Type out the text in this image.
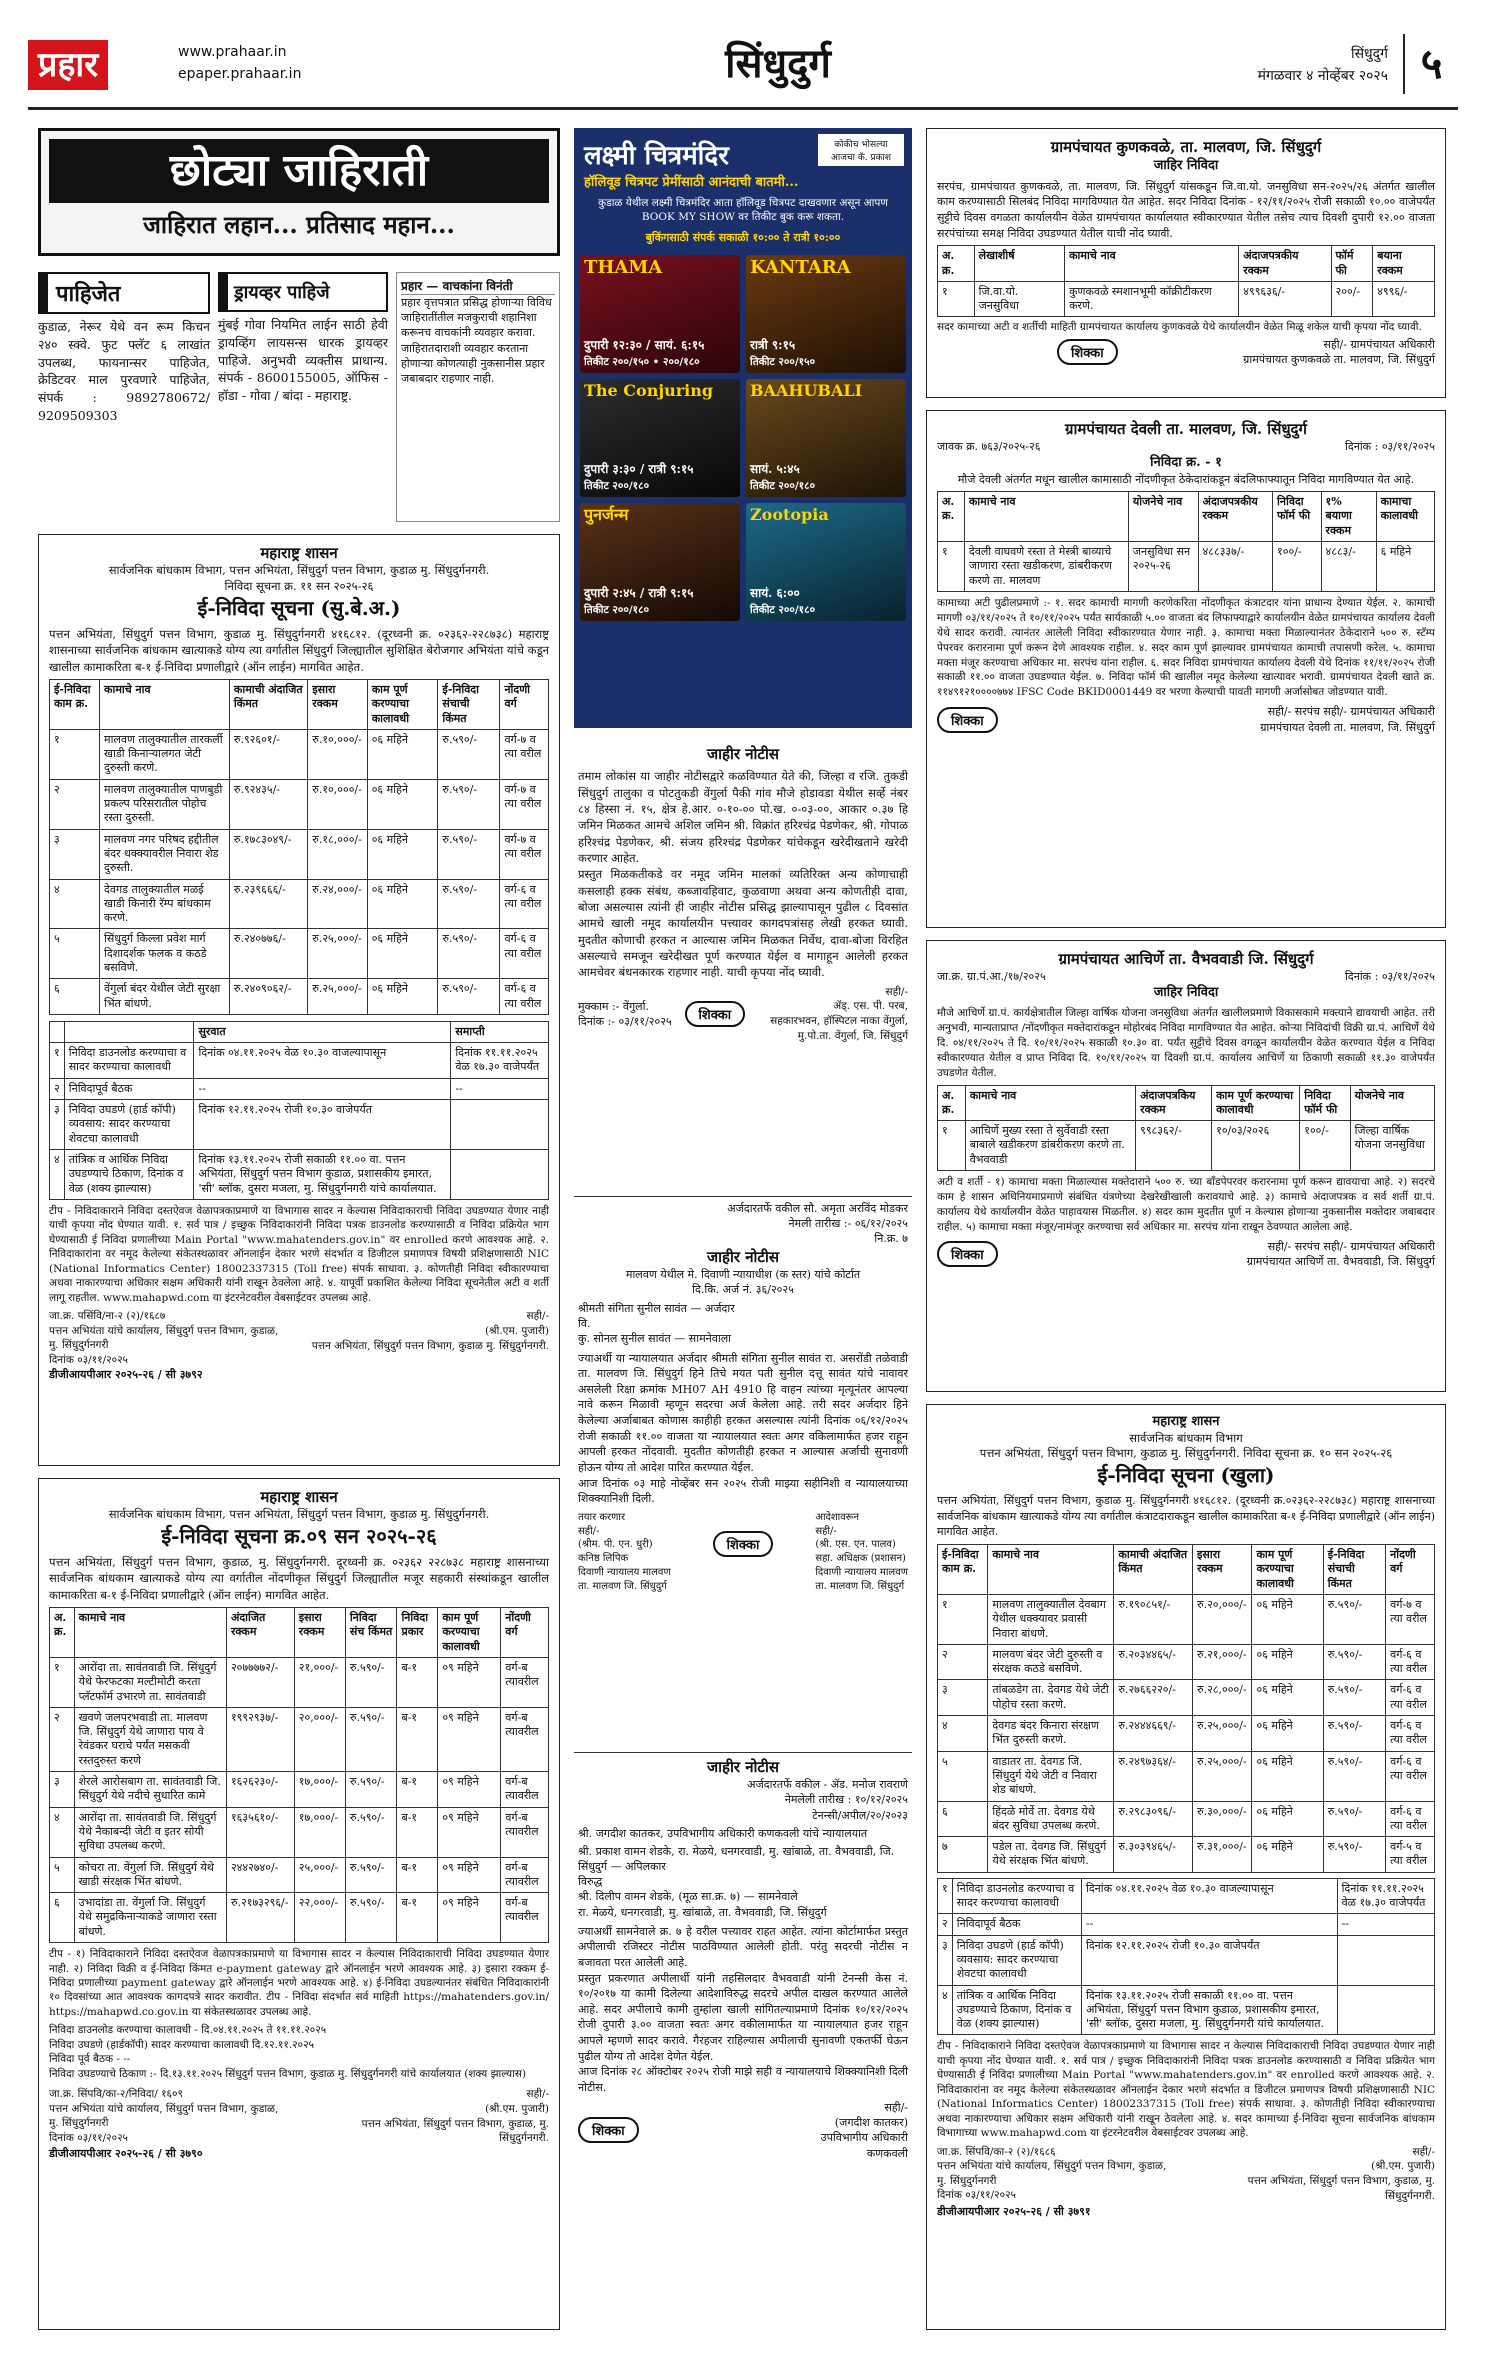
प्रहार	www.prahaar.in
epaper.prahaar.in	सिंधुदुर्ग	सिंधुदुर्ग
मंगळवार ४ नोव्हेंबर २०२५ ५
छोट्या जाहिराती
जाहिरात लहान... प्रतिसाद महान...
पाहिजेत
कुडाळ, नेरूर येथे वन रूम किचन २४० स्क्वे. फुट फ्लॅट ६ लाखांत उपलब्ध, फायनान्सर पाहिजेत, क्रेडिटवर माल पुरवणारे पाहिजेत, संपर्क : 9892780672/ 9209509303
ड्रायव्हर पाहिजे
मुंबई गोवा नियमित लाईन साठी हेवी ड्रायव्हिंग लायसन्स धारक ड्रायव्हर पाहिजे. अनुभवी व्यक्तीस प्राधान्य. संपर्क - 8600155005, ऑफिस - हॉडा - गोवा / बांदा - महाराष्ट्र.
प्रहार — वाचकांना विनंती
प्रहार वृत्तपत्रात प्रसिद्ध होणाऱ्या विविध जाहिरातींतील मजकुराची शहानिशा करूनच वाचकांनी व्यवहार करावा. जाहिरातदाराशी व्यवहार करताना होणाऱ्या कोणत्याही नुकसानीस प्रहार जबाबदार राहणार नाही.
लक्ष्मी चित्रमंदिर
हॉलिवूड चित्रपट प्रेमींसाठी आनंदाची बातमी...
कोकीच भोसल्या आजचा कॅ. प्रकाश
कुडाळ येथील लक्ष्मी चित्रमंदिर आता हॉलिवूड चित्रपट दाखवणार असून आपण BOOK MY SHOW वर तिकीट बुक करू शकता.
बुकिंगसाठी संपर्क सकाळी १०:०० ते रात्री १०:००
THAMA
दुपारी १२:३० / सायं. ६:१५
तिकीट २००/१५० • २००/१८०
KANTARA
रात्री ९:१५
तिकीट २००/१५०
The Conjuring
दुपारी ३:३० / रात्री ९:१५
तिकीट २००/१८०
BAAHUBALI
सायं. ५:४५
तिकीट २००/१८०
पुनर्जन्म
दुपारी २:४५ / रात्री ९:१५
तिकीट २००/१८०
Zootopia
सायं. ६:००
तिकीट २००/१८०
महाराष्ट्र शासन
सार्वजनिक बांधकाम विभाग, पत्तन अभियंता, सिंधुदुर्ग पत्तन विभाग, कुडाळ मु. सिंधुदुर्गनगरी.
निविदा सूचना क्र. ११ सन २०२५-२६
ई-निविदा सूचना (सु.बे.अ.)
पत्तन अभियंता, सिंधुदुर्ग पत्तन विभाग, कुडाळ मु. सिंधुदुर्गनगरी ४१६८१२. (दूरध्वनी क्र. ०२३६२-२२८७३८) महाराष्ट्र शासनाच्या सार्वजनिक बांधकाम खात्याकडे योग्य त्या वर्गातील सिंधुदुर्ग जिल्ह्यातील सुशिक्षित बेरोजगार अभियंता यांचे कडून खालील कामाकरिता ब-१ ई-निविदा प्रणालीद्वारे (ऑन लाईन) मागवित आहेत.
ई-निविदा काम क्र.	कामाचे नाव	कामाची अंदाजित किंमत	इसारा रक्कम	काम पूर्ण करण्याचा कालावधी	ई-निविदा संचाची किंमत	नोंदणी वर्ग
१	मालवण तालुक्यातील तारकर्ली खाडी किनाऱ्यालगत जेटी दुरुस्ती करणे.	रु.९२६०१/-	रु.१०,०००/-	०६ महिने	रु.५९०/-	वर्ग-७ व त्या वरील
२	मालवण तालुक्यातील पाणबुडी प्रकल्प परिसरातील पोहोच रस्ता दुरुस्ती.	रु.९२४३५/-	रु.१०,०००/-	०६ महिने	रु.५९०/-	वर्ग-७ व त्या वरील
३	मालवण नगर परिषद हद्दीतील बंदर धक्क्यावरील निवारा शेड दुरुस्ती.	रु.१७८३०४९/-	रु.१८,०००/-	०६ महिने	रु.५९०/-	वर्ग-७ व त्या वरील
४	देवगड तालुक्यातील मळई खाडी किनारी रॅम्प बांधकाम करणे.	रु.२३९६६६/-	रु.२४,०००/-	०६ महिने	रु.५९०/-	वर्ग-६ व त्या वरील
५	सिंधुदुर्ग किल्ला प्रवेश मार्ग दिशादर्शक फलक व कठडे बसविणे.	रु.२४०७७६/-	रु.२५,०००/-	०६ महिने	रु.५९०/-	वर्ग-६ व त्या वरील
६	वेंगुर्ला बंदर येथील जेटी सुरक्षा भिंत बांधणे.	रु.२४०९०६२/-	रु.२५,०००/-	०६ महिने	रु.५९०/-	वर्ग-६ व त्या वरील
		सुरवात	समाप्ती
१	निविदा डाउनलोड करण्याचा व सादर करण्याचा कालावधी	दिनांक ०४.११.२०२५ वेळ १०.३० वाजल्यापासून	दिनांक ११.११.२०२५ वेळ १७.३० वाजेपर्यंत
२	निविदापूर्व बैठक	--	--
३	निविदा उघडणे (हार्ड कॉपी) व्यवसाय: सादर करण्याचा शेवटचा कालावधी	दिनांक १२.११.२०२५ रोजी १०.३० वाजेपर्यंत	
४	तांत्रिक व आर्थिक निविदा उघडण्याचे ठिकाण, दिनांक व वेळ (शक्य झाल्यास)	दिनांक १३.११.२०२५ रोजी सकाळी ११.०० वा. पत्तन अभियंता, सिंधुदुर्ग पत्तन विभाग कुडाळ, प्रशासकीय इमारत, 'सी' ब्लॉक, दुसरा मजला, मु. सिंधुदुर्गनगरी यांचे कार्यालयात.	
टीप - निविदाकाराने निविदा दस्तऐवज वेळापत्रकाप्रमाणे या विभागास सादर न केल्यास निविदाकाराची निविदा उघडण्यात येणार नाही याची कृपया नोंद घेण्यात यावी. १. सर्व पात्र / इच्छुक निविदाकारांनी निविदा पत्रक डाउनलोड करण्यासाठी व निविदा प्रक्रियेत भाग घेण्यासाठी ई निविदा प्रणालीच्या Main Portal "www.mahatenders.gov.in" वर enrolled करणे आवश्यक आहे. २. निविदाकारांना वर नमूद केलेल्या संकेतस्थळावर ऑनलाईन देकार भरणे संदर्भात व डिजीटल प्रमाणपत्र विषयी प्रशिक्षणासाठी NIC (National Informatics Center) 18002337315 (Toll free) संपर्क साधावा. ३. कोणतीही निविदा स्वीकारण्याचा अथवा नाकारण्याचा अधिकार सक्षम अधिकारी यांनी राखून ठेवलेला आहे. ४. यापूर्वी प्रकाशित केलेल्या निविदा सूचनेतील अटी व शर्ती लागू राहतील. www.mahapwd.com या इंटरनेटवरील वेबसाईटवर उपलब्ध आहे.
जा.क्र. पसिंवि/ना-२ (२)/१६८७
पत्तन अभियंता यांचे कार्यालय, सिंधुदुर्ग पत्तन विभाग, कुडाळ, मु. सिंधुदुर्गनगरी
दिनांक ०३/११/२०२५
सही/-
(श्री.एम. पुजारी)
पत्तन अभियंता, सिंधुदुर्ग पत्तन विभाग, कुडाळ मु. सिंधुदुर्गनगरी.
डीजीआयपीआर २०२५-२६ / सी ३७९२
महाराष्ट्र शासन
सार्वजनिक बांधकाम विभाग, पत्तन अभियंता, सिंधुदुर्ग पत्तन विभाग, कुडाळ मु. सिंधुदुर्गनगरी.
ई-निविदा सूचना क्र.०९ सन २०२५-२६
पत्तन अभियंता, सिंधुदुर्ग पत्तन विभाग, कुडाळ, मु. सिंधुदुर्गनगरी. दूरध्वनी क्र. ०२३६२ २२८७३८ महाराष्ट्र शासनाच्या सार्वजनिक बांधकाम खात्याकडे योग्य त्या वर्गातील नोंदणीकृत सिंधुदुर्ग जिल्ह्यातील मजूर सहकारी संस्थांकडून खालील कामाकरिता ब-१ ई-निविदा प्रणालीद्वारे (ऑन लाईन) मागवित आहेत.
अ. क्र.	कामाचे नाव	अंदाजित रक्कम	इसारा रक्कम	निविदा संच किंमत	निविदा प्रकार	काम पूर्ण करण्याचा कालावधी	नोंदणी वर्ग
१	आरोंदा ता. सावंतवाडी जि. सिंधुदुर्ग येथे फेरफटका मल्टीमोटी करता प्लॅटफॉर्म उभारणे ता. सावंतवाडी	२०७७७७२/-	२१,०००/-	रु.५९०/-	ब-१	०९ महिने	वर्ग-ब त्यावरील
२	खवणे जलपरभवाडी ता. मालवण जि. सिंधुदुर्ग येथे जाणारा पाय वे रेवंडकर घराचे पर्यंत मसकवी रस्तदुरुस्त करणे	१९९२९३७/-	२०,०००/-	रु.५९०/-	ब-१	०९ महिने	वर्ग-ब त्यावरील
३	शेरले आरोसबाग ता. सावंतवाडी जि. सिंधुदुर्ग येथे नदीचे सुधारित कामे	१६२६२३०/-	१७,०००/-	रु.५९०/-	ब-१	०९ महिने	वर्ग-ब त्यावरील
४	आरोंदा ता. सावंतवाडी जि. सिंधुदुर्ग येथे नैकाबन्दी जेटी व इतर सोयी सुविधा उपलब्ध करणे.	१६३५६१०/-	१७,०००/-	रु.५९०/-	ब-१	०९ महिने	वर्ग-ब त्यावरील
५	कोचरा ता. वेंगुर्ला जि. सिंधुदुर्ग येथे खाडी संरक्षक भिंत बांधणे.	२४४२७४०/-	२५,०००/-	रु.५९०/-	ब-१	०९ महिने	वर्ग-ब त्यावरील
६	उभादांडा ता. वेंगुर्ला जि. सिंधुदुर्ग येथे समुद्रकिनाऱ्याकडे जाणारा रस्ता बांधणे.	रु.२१७३२९६/-	२२,०००/-	रु.५९०/-	ब-१	०९ महिने	वर्ग-ब त्यावरील
टीप - १) निविदाकाराने निविदा दस्तऐवज वेळापत्रकाप्रमाणे या विभागास सादर न केल्यास निविदाकाराची निविदा उघडण्यात येणार नाही. २) निविदा विक्री व ई-निविदा किंमत e-payment gateway द्वारे ऑनलाईन भरणे आवश्यक आहे. ३) इसारा रक्कम ई-निविदा प्रणालीच्या payment gateway द्वारे ऑनलाईन भरणे आवश्यक आहे. ४) ई-निविदा उघडल्यानंतर संबंधित निविदाकारांनी १० दिवसांच्या आत आवश्यक कागदपत्रे सादर करावीत. टीप - निविदा संदर्भात सर्व माहिती https://mahatenders.gov.in/ https://mahapwd.co.gov.in या संकेतस्थळावर उपलब्ध आहे.
निविदा डाउनलोड करण्याचा कालावधी - दि.०४.११.२०२५ ते ११.११.२०२५
निविदा उघडणे (हार्डकॉपी) सादर करण्याचा कालावधी दि.१२.११.२०२५
निविदा पूर्व बैठक - --
निविदा उघडण्याचे ठिकाण :- दि.१३.११.२०२५ सिंधुदुर्ग पत्तन विभाग, कुडाळ मु. सिंधुदुर्गनगरी यांचे कार्यालयात (शक्य झाल्यास)
जा.क्र. सिंपवि/का-२/निविदा/ १६०९
पत्तन अभियंता यांचे कार्यालय, सिंधुदुर्ग पत्तन विभाग, कुडाळ, मु. सिंधुदुर्गनगरी
दिनांक ०३/११/२०२५
सही/-
(श्री.एम. पुजारी)
पत्तन अभियंता, सिंधुदुर्ग पत्तन विभाग, कुडाळ, मु. सिंधुदुर्गनगरी.
डीजीआयपीआर २०२५-२६ / सी ३७९०
जाहीर नोटीस
तमाम लोकांस या जाहीर नोटीसद्वारे कळविण्यात येते की, जिल्हा व रजि. तुकडी सिंधुदुर्ग तालुका व पोटतुकडी वेंगुर्ला पैकी गांव मौजे होडावडा येथील सर्व्हे नंबर ८४ हिस्सा नं. १५, क्षेत्र हे.आर. ०-१०-०० पो.ख. ०-०३-००, आकार ०.३७ हि जमिन मिळकत आमचे अशिल जमिन श्री. विक्रांत हरिश्चंद्र पेडणेकर, श्री. गोपाळ हरिश्चंद्र पेडणेकर, श्री. संजय हरिश्चंद्र पेडणेकर यांचेकडून खरेदीखताने खरेदी करणार आहेत.
प्रस्तुत मिळकतीकडे वर नमूद जमिन मालकां व्यतिरिक्त अन्य कोणाचाही कसलाही हक्क संबंध, कब्जावहिवाट, कुळवाणा अथवा अन्य कोणतीही दावा, बोजा असल्यास त्यांनी ही जाहीर नोटीस प्रसिद्ध झाल्यापासून पुढील ८ दिवसांत आमचे खाली नमूद कार्यालयीन पत्त्यावर कागदपत्रांसह लेखी हरकत घ्यावी. मुदतीत कोणाची हरकत न आल्यास जमिन मिळकत निर्वेध, दावा-बोजा विरहित असल्याचे समजून खरेदीखत पूर्ण करण्यात येईल व मागाहून आलेली हरकत आमचेवर बंधनकारक राहणार नाही. याची कृपया नोंद घ्यावी.
मुक्काम :- वेंगुर्ला.
दिनांक :- ०३/११/२०२५	शिक्का
सही/-
ॲड्. एस. पी. परब,
सहकारभवन, हॉस्पिटल नाका वेंगुर्ला, मु.पो.ता. वेंगुर्ला, जि. सिंधुदुर्ग
अर्जदारतर्फे वकील सौ. अमृता अरविंद मोडकर
नेमली तारीख :- ०६/१२/२०२५
नि.क्र. ७
जाहीर नोटीस
मालवण येथील मे. दिवाणी न्यायाधीश (क स्तर) यांचे कोर्टात
दि.कि. अर्ज नं. ३६/२०२५
श्रीमती संगिता सुनील सावंत — अर्जदार
वि.
कु. सोनल सुनील सावंत — सामनेवाला
ज्याअर्थी या न्यायालयात अर्जदार श्रीमती संगिता सुनील सावंत रा. असरोंडी तळेवाडी ता. मालवण जि. सिंधुदुर्ग हिने तिचे मयत पती सुनील दत्तू सावंत यांचे नावावर असलेली रिक्षा क्रमांक MH07 AH 4910 हि वाहन त्यांच्या मृत्यूनंतर आपल्या नावे करून मिळावी म्हणून सदरचा अर्ज केलेला आहे. तरी सदर अर्जदार हिने केलेल्या अर्जाबाबत कोणास काहीही हरकत असल्यास त्यांनी दिनांक ०६/१२/२०२५ रोजी सकाळी ११.०० वाजता या न्यायालयात स्वतः अगर वकिलामार्फत हजर राहून आपली हरकत नोंदवावी. मुदतीत कोणतीही हरकत न आल्यास अर्जाची सुनावणी होऊन योग्य तो आदेश पारित करण्यात येईल.
आज दिनांक ०३ माहे नोव्हेंबर सन २०२५ रोजी माझ्या सहीनिशी व न्यायालयाच्या शिक्क्यानिशी दिली.
तयार करणार
सही/-
(श्रीम. पी. एन. धुरी)
कनिष्ठ लिपिक
दिवाणी न्यायालय मालवण
ता. मालवण जि. सिंधुदुर्ग
शिक्का
आदेशावरून
सही/-
(श्री. एस. एन. पालव)
सहा. अधिक्षक (प्रशासन)
दिवाणी न्यायालय मालवण
ता. मालवण जि. सिंधुदुर्ग
जाहीर नोटीस
अर्जदारतर्फे वकील - ॲड. मनोज रावराणे
नेमलेली तारीख : १०/१२/२०२५
टेनन्सी/अपील/२०/२०२३
श्री. जगदीश कातकर, उपविभागीय अधिकारी कणकवली यांचे न्यायालयात
श्री. प्रकाश वामन शेडके, रा. मेळये, धनगरवाडी, मु. खांबाळे, ता. वैभववाडी, जि. सिंधुदुर्ग — अपिलकार
विरुद्ध
श्री. दिलीप वामन शेडके, (मूळ सा.क्र. ७) — सामनेवाले
रा. मेळये, धनगरवाडी, मु. खांबाळे, ता. वैभववाडी, जि. सिंधुदुर्ग
ज्याअर्थी सामनेवाले क्र. ७ हे वरील पत्त्यावर राहत आहेत. त्यांना कोर्टामार्फत प्रस्तुत अपीलाची रजिस्टर नोटीस पाठविण्यात आलेली होती. परंतु सदरची नोटीस न बजावता परत आलेली आहे.
प्रस्तुत प्रकरणात अपीलार्थी यांनी तहसिलदार वैभववाडी यांनी टेनन्सी केस नं. १०/२०१७ या कामी दिलेल्या आदेशाविरुद्ध सदरचे अपील दाखल करण्यात आलेले आहे. सदर अपीलाचे कामी तुम्हांला खाली सांगितल्याप्रमाणे दिनांक १०/१२/२०२५ रोजी दुपारी ३.०० वाजता स्वतः अगर वकीलामार्फत या न्यायालयात हजर राहून आपले म्हणणे सादर करावे. गैरहजर राहिल्यास अपीलाची सुनावणी एकतर्फी घेऊन पुढील योग्य तो आदेश देणेत येईल.
आज दिनांक २८ ऑक्टोबर २०२५ रोजी माझे सही व न्यायालयाचे शिक्क्यानिशी दिली नोटीस.
शिक्का
सही/-
(जगदीश कातकर)
उपविभागीय अधिकारी
कणकवली
ग्रामपंचायत कुणकवळे, ता. मालवण, जि. सिंधुदुर्ग
जाहिर निविदा
सरपंच, ग्रामपंचायत कुणकवळे, ता. मालवण, जि. सिंधुदुर्ग यांसकडून जि.वा.यो. जनसुविधा सन-२०२५/२६ अंतर्गत खालील काम करण्यासाठी सिलबंद निविदा मागविण्यात येत आहेत. सदर निविदा दिनांक - १२/११/२०२५ रोजी सकाळी १०.०० वाजेपर्यंत सुट्टीचे दिवस वगळता कार्यालयीन वेळेत ग्रामपंचायत कार्यालयात स्वीकारण्यात येतील तसेच त्याच दिवशी दुपारी १२.०० वाजता सरपंचांच्या समक्ष निविदा उघडण्यात येतील याची नोंद घ्यावी.
अ. क्र.	लेखाशीर्ष	कामाचे नाव	अंदाजपत्रकीय रक्कम	फॉर्म फी	बयाना रक्कम
१	जि.वा.यो. जनसुविधा	कुणकवळे स्मशानभूमी कॉक्रीटीकरण करणे.	४९९६३६/-	२००/-	४९९६/-
सदर कामाच्या अटी व शर्तीची माहिती ग्रामपंचायत कार्यालय कुणकवळे येथे कार्यालयीन वेळेत मिळू शकेल याची कृपया नोंद घ्यावी.
शिक्का
सही/- ग्रामपंचायत अधिकारी
ग्रामपंचायत कुणकवळे ता. मालवण, जि. सिंधुदुर्ग
ग्रामपंचायत देवली ता. मालवण, जि. सिंधुदुर्ग
जावक क्र. ७६३/२०२५-२६	दिनांक : ०३/११/२०२५
निविदा क्र. - १
मौजे देवली अंतर्गत मधून खालील कामासाठी नोंदणीकृत ठेकेदारांकडून बंदलिफाफ्यातून निविदा मागविण्यात येत आहे.
अ. क्र.	कामाचे नाव	योजनेचे नाव	अंदाजपत्रकीय रक्कम	निविदा फॉर्म फी	१% बयाणा रक्कम	कामाचा कालावधी
१	देवली वाघवणे रस्ता ते मेस्त्री बाव्याचे जाणारा रस्ता खडीकरण, डांबरीकरण करणे ता. मालवण	जनसुविधा सन २०२५-२६	४८८३३७/-	१००/-	४८८३/-	६ महिने
कामाच्या अटी पुढीलप्रमाणे :- १. सदर कामाची मागणी करणेकरिता नोंदणीकृत कंत्राटदार यांना प्राधान्य देण्यात येईल. २. कामाची मागणी ०३/११/२०२५ ते १०/११/२०२५ पर्यंत सार्यकाळी ५.०० वाजता बंद लिफाफ्याद्वारे कार्यालयीन वेळेत ग्रामपंचायत कार्यालय देवली येथे सादर करावी. त्यानंतर आलेली निविदा स्वीकारण्यात येणार नाही. ३. कामाचा मक्ता मिळाल्यानंतर ठेकेदाराने ५०० रु. स्टॅम्प पेपरवर करारनामा पूर्ण करून देणे आवश्यक राहील. ४. सदर काम पूर्ण झाल्यावर ग्रामपंचायत कामाची तपासणी करेल. ५. कामाचा मक्ता मंजूर करण्याचा अधिकार मा. सरपंच यांना राहील. ६. सदर निविदा ग्रामपंचायत कार्यालय देवली येथे दिनांक ११/११/२०२५ रोजी सकाळी ११.०० वाजता उघडण्यात येईल. ७. निविदा फॉर्म फी खालील नमूद केलेल्या खात्यावर भरावी. ग्रामपंचायत देवली खाते क्र. ११४९१२१००००७७४ IFSC Code BKID0001449 वर भरणा केल्याची पावती मागणी अर्जासोबत जोडण्यात यावी.
शिक्का
सही/- सरपंच सही/- ग्रामपंचायत अधिकारी
ग्रामपंचायत देवली ता. मालवण, जि. सिंधुदुर्ग
ग्रामपंचायत आचिर्णे ता. वैभववाडी जि. सिंधुदुर्ग
जा.क्र. ग्रा.पं.आ./१७/२०२५	दिनांक : ०३/११/२०२५
जाहिर निविदा
मौजे आचिर्णे ग्रा.पं. कार्यक्षेत्रातील जिल्हा वार्षिक योजना जनसुविधा अंतर्गत खालीलप्रमाणे विकासकामे मक्त्याने द्यावयाची आहेत. तरी अनुभवी, मान्यताप्राप्त /नोंदणीकृत मक्तेदारांकडून मोहोरबंद निविदा मागविण्यात येत आहेत. कोऱ्या निविदांची विक्री ग्रा.पं. आचिर्णे येथे दि. ०४/११/२०२५ ते दि. १०/११/२०२५ सकाळी १०.३० वा. पर्यंत सुट्टीचे दिवस वगळून कार्यालयीन वेळेत करण्यात येईल व निविदा स्वीकारण्यात येतील व प्राप्त निविदा दि. १०/११/२०२५ या दिवशी ग्रा.पं. कार्यालय आचिर्णे या ठिकाणी सकाळी ११.३० वाजेपर्यंत उघडणेत येतील.
अ. क्र.	कामाचे नाव	अंदाजपत्रकिय रक्कम	काम पूर्ण करण्याचा कालावधी	निविदा फॉर्म फी	योजनेचे नाव
१	आचिर्णे मुख्य रस्ता ते सुर्वेवाडी रस्ता बाबाले खडीकरण डांबरीकरण करणे ता. वैभववाडी	९९८३६२/-	१०/०३/२०२६	१००/-	जिल्हा वार्षिक योजना जनसुविधा
अटी व शर्ती - १) कामाचा मक्ता मिळाल्यास मक्तेदाराने ५०० रु. च्या बॉंडपेपरवर करारनामा पूर्ण करून द्यावयाचा आहे. २) सदरचे काम हे शासन अधिनियमाप्रमाणे संबंधित यंत्रणेच्या देखरेखीखाली करावयाचे आहे. ३) कामाचे अंदाजपत्रक व सर्व शर्ती ग्रा.पं. कार्यालय येथे कार्यालयीन वेळेत पाहावयास मिळतील. ४) सदर काम मुदतीत पूर्ण न केल्यास होणाऱ्या नुकसानीस मक्तेदार जबाबदार राहील. ५) कामाचा मक्ता मंजूर/नामंजूर करण्याचा सर्व अधिकार मा. सरपंच यांना राखून ठेवण्यात आलेला आहे.
शिक्का
सही/- सरपंच सही/- ग्रामपंचायत अधिकारी
ग्रामपंचायत आचिर्णे ता. वैभववाडी, जि. सिंधुदुर्ग
महाराष्ट्र शासन
सार्वजनिक बांधकाम विभाग
पत्तन अभियंता, सिंधुदुर्ग पत्तन विभाग, कुडाळ मु. सिंधुदुर्गनगरी. निविदा सूचना क्र. १० सन २०२५-२६
ई-निविदा सूचना (खुला)
पत्तन अभियंता, सिंधुदुर्ग पत्तन विभाग, कुडाळ मु. सिंधुदुर्गनगरी ४१६८१२. (दूरध्वनी क्र.०२३६२-२२८७३८) महाराष्ट्र शासनाच्या सार्वजनिक बांधकाम खात्याकडे योग्य त्या वर्गातील कंत्राटदाराकडून खालील कामाकरिता ब-१ ई-निविदा प्रणालीद्वारे (ऑन लाईन) मागवित आहेत.
ई-निविदा काम क्र.	कामाचे नाव	कामाची अंदाजित किंमत	इसारा रक्कम	काम पूर्ण करण्याचा कालावधी	ई-निविदा संचाची किंमत	नोंदणी वर्ग
१	मालवण तालुक्यातील देवबाग येथील धक्क्यावर प्रवासी निवारा बांधणे.	रु.१९०८५१/-	रु.२०,०००/-	०६ महिने	रु.५९०/-	वर्ग-७ व त्या वरील
२	मालवण बंदर जेटी दुरुस्ती व संरक्षक कठडे बसविणे.	रु.२०३४४६५/-	रु.२१,०००/-	०६ महिने	रु.५९०/-	वर्ग-६ व त्या वरील
३	तांबळडेग ता. देवगड येथे जेटी पोहोच रस्ता करणे.	रु.२७६६२२०/-	रु.२८,०००/-	०६ महिने	रु.५९०/-	वर्ग-६ व त्या वरील
४	देवगड बंदर किनारा संरक्षण भिंत दुरुस्ती करणे.	रु.२४४४६६९/-	रु.२५,०००/-	०६ महिने	रु.५९०/-	वर्ग-६ व त्या वरील
५	वाडातर ता. देवगड जि. सिंधुदुर्ग येथे जेटी व निवारा शेड बांधणे.	रु.२४९७३६४/-	रु.२५,०००/-	०६ महिने	रु.५९०/-	वर्ग-६ व त्या वरील
६	हिंदळे मोर्वे ता. देवगड येथे बंदर सुविधा उपलब्ध करणे.	रु.२९८३०९६/-	रु.३०,०००/-	०६ महिने	रु.५९०/-	वर्ग-६ व त्या वरील
७	पडेल ता. देवगड जि. सिंधुदुर्ग येथे संरक्षक भिंत बांधणे.	रु.३०३९४६५/-	रु.३१,०००/-	०६ महिने	रु.५९०/-	वर्ग-५ व त्या वरील
१	निविदा डाउनलोड करण्याचा व सादर करण्याचा कालावधी	दिनांक ०४.११.२०२५ वेळ १०.३० वाजल्यापासून	दिनांक ११.११.२०२५ वेळ १७.३० वाजेपर्यंत
२	निविदापूर्व बैठक	--	--
३	निविदा उघडणे (हार्ड कॉपी) व्यवसाय: सादर करण्याचा शेवटचा कालावधी	दिनांक १२.११.२०२५ रोजी १०.३० वाजेपर्यंत	
४	तांत्रिक व आर्थिक निविदा उघडण्याचे ठिकाण, दिनांक व वेळ (शक्य झाल्यास)	दिनांक १३.११.२०२५ रोजी सकाळी ११.०० वा. पत्तन अभियंता, सिंधुदुर्ग पत्तन विभाग कुडाळ, प्रशासकीय इमारत, 'सी' ब्लॉक, दुसरा मजला, मु. सिंधुदुर्गनगरी यांचे कार्यालयात.	
टीप - निविदाकाराने निविदा दस्तऐवज वेळापत्रकाप्रमाणे या विभागास सादर न केल्यास निविदाकाराची निविदा उघडण्यात येणार नाही याची कृपया नोंद घेण्यात यावी. १. सर्व पात्र / इच्छुक निविदाकारांनी निविदा पत्रक डाउनलोड करण्यासाठी व निविदा प्रक्रियेत भाग घेण्यासाठी ई निविदा प्रणालीच्या Main Portal "www.mahatenders.gov.in" वर enrolled करणे आवश्यक आहे. २. निविदाकारांना वर नमूद केलेल्या संकेतस्थळावर ऑनलाईन देकार भरणे संदर्भात व डिजीटल प्रमाणपत्र विषयी प्रशिक्षणासाठी NIC (National Informatics Center) 18002337315 (Toll free) संपर्क साधावा. ३. कोणतीही निविदा स्वीकारण्याचा अथवा नाकारण्याचा अधिकार सक्षम अधिकारी यांनी राखून ठेवलेला आहे. ४. सदर कामाच्या ई-निविदा सूचना सार्वजनिक बांधकाम विभागाच्या www.mahapwd.com या इंटरनेटवरील वेबसाईटवर उपलब्ध आहे.
जा.क्र. सिंपवि/का-२ (२)/१६८६
पत्तन अभियंता यांचे कार्यालय, सिंधुदुर्ग पत्तन विभाग, कुडाळ, मु. सिंधुदुर्गनगरी
दिनांक ०३/११/२०२५
सही/-
(श्री.एम. पुजारी)
पत्तन अभियंता, सिंधुदुर्ग पत्तन विभाग, कुडाळ, मु. सिंधुदुर्गनगरी.
डीजीआयपीआर २०२५-२६ / सी ३७९१
